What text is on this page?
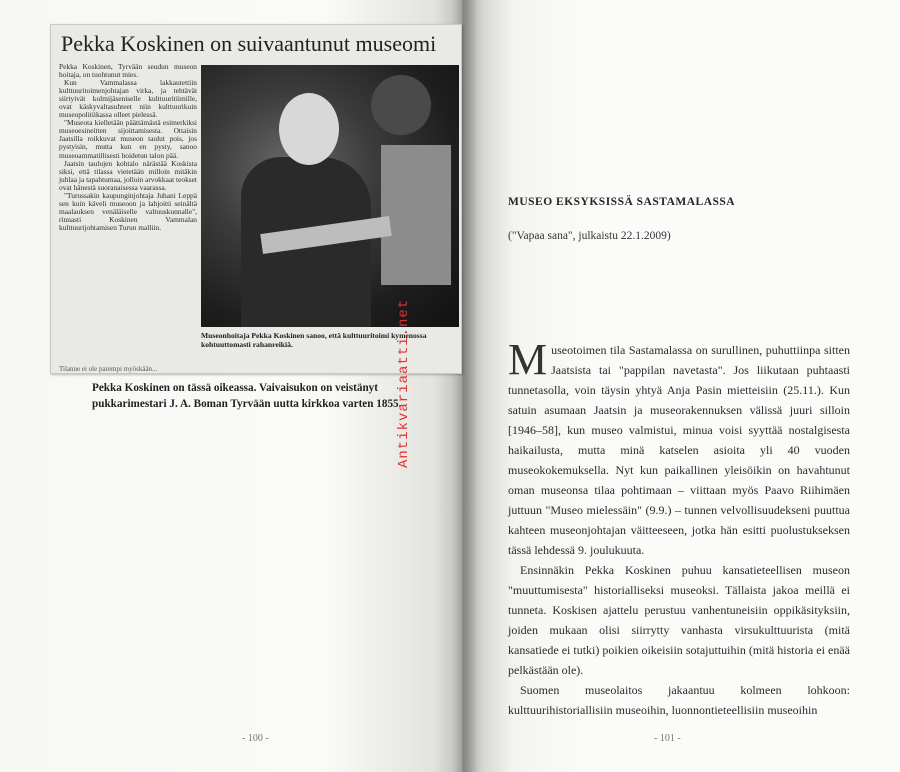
Pekka Koskinen on suivaantunut museomi

Pekka Koskinen, Tyrvään seudun museon hoitaja, on tuohtunut mies.

Kun Vammalassa lakkautettiin kulttuuritoimenjohtajan virka, ja tehtävät siirtyivät kolmijäseniselle kulttuuritiimille, ovat käskyvaltasuhteet niin kulttuurikuin museopolitiikassa olleet pielessä.

"Museota kielletään päättämästä esimerkiksi museoesineitten sijoittamisesta. Ottaisin Jaatsilla roikkuvat museon taulut pois, jos pystyisin, mutta kun en pysty, sanoo museoammatillisesti hoidetun talon pää.

Jaatsin taulujen kohtalo närästää Koskista siksi, että tilassa vietetään milloin mitäkin juhlaa ja tapahtumaa, jolloin arvokkaat teokset ovat hänestä suoranaisessa vaarassa.

"Turussakin kaupunginjohtaja Juhani Leppä sen kuin käveli museoon ja lahjoitti seinältä maalauksen venäläiselle valtuuskunnalle", rinnasti Koskinen Vammalan kulttuurijohtamisen Turun malliin.

Museonhoitaja Pekka Koskinen sanoo, että kulttuuritoimi kymenossa kohtuuttomasti rahanreikiä.
Tilanne ei ole parempi myöskään...
Pekka Koskinen on tässä oikeassa. Vaivaisukon on veistänyt pukkarimestari J. A. Boman Tyrvään uutta kirkkoa varten 1855.
Antikvariaatti.net
- 100 -
MUSEO EKSYKSISSÄ SASTAMALASSA
("Vapaa sana", julkaistu 22.1.2009)

Museotoimen tila Sastamalassa on surullinen, puhuttiinpa sitten Jaatsista tai "pappilan navetasta". Jos liikutaan puhtaasti tunnetasolla, voin täysin yhtyä Anja Pasin mietteisiin (25.11.). Kun satuin asumaan Jaatsin ja museorakennuksen välissä juuri silloin [1946–58], kun museo valmistui, minua voisi syyttää nostalgisesta haikailusta, mutta minä katselen asioita yli 40 vuoden museokokemuksella. Nyt kun paikallinen yleisöikin on havahtunut oman museonsa tilaa pohtimaan – viittaan myös Paavo Riihimäen juttuun "Museo mielessäin" (9.9.) – tunnen velvollisuudekseni puuttua kahteen museonjohtajan väitteeseen, jotka hän esitti puolustukseksen tässä lehdessä 9. joulukuuta.

Ensinnäkin Pekka Koskinen puhuu kansatieteellisen museon "muuttumisesta" historialliseksi museoksi. Tällaista jakoa meillä ei tunneta. Koskisen ajattelu perustuu vanhentuneisiin oppikäsityksiin, joiden mukaan olisi siirrytty vanhasta virsukulttuurista (mitä kansatiede ei tutki) poikien oikeisiin sotajuttuihin (mitä historia ei enää pelkästään ole).

Suomen museolaitos jakaantuu kolmeen lohkoon: kulttuurihistoriallisiin museoihin, luonnontieteellisiin museoihin

- 101 -
